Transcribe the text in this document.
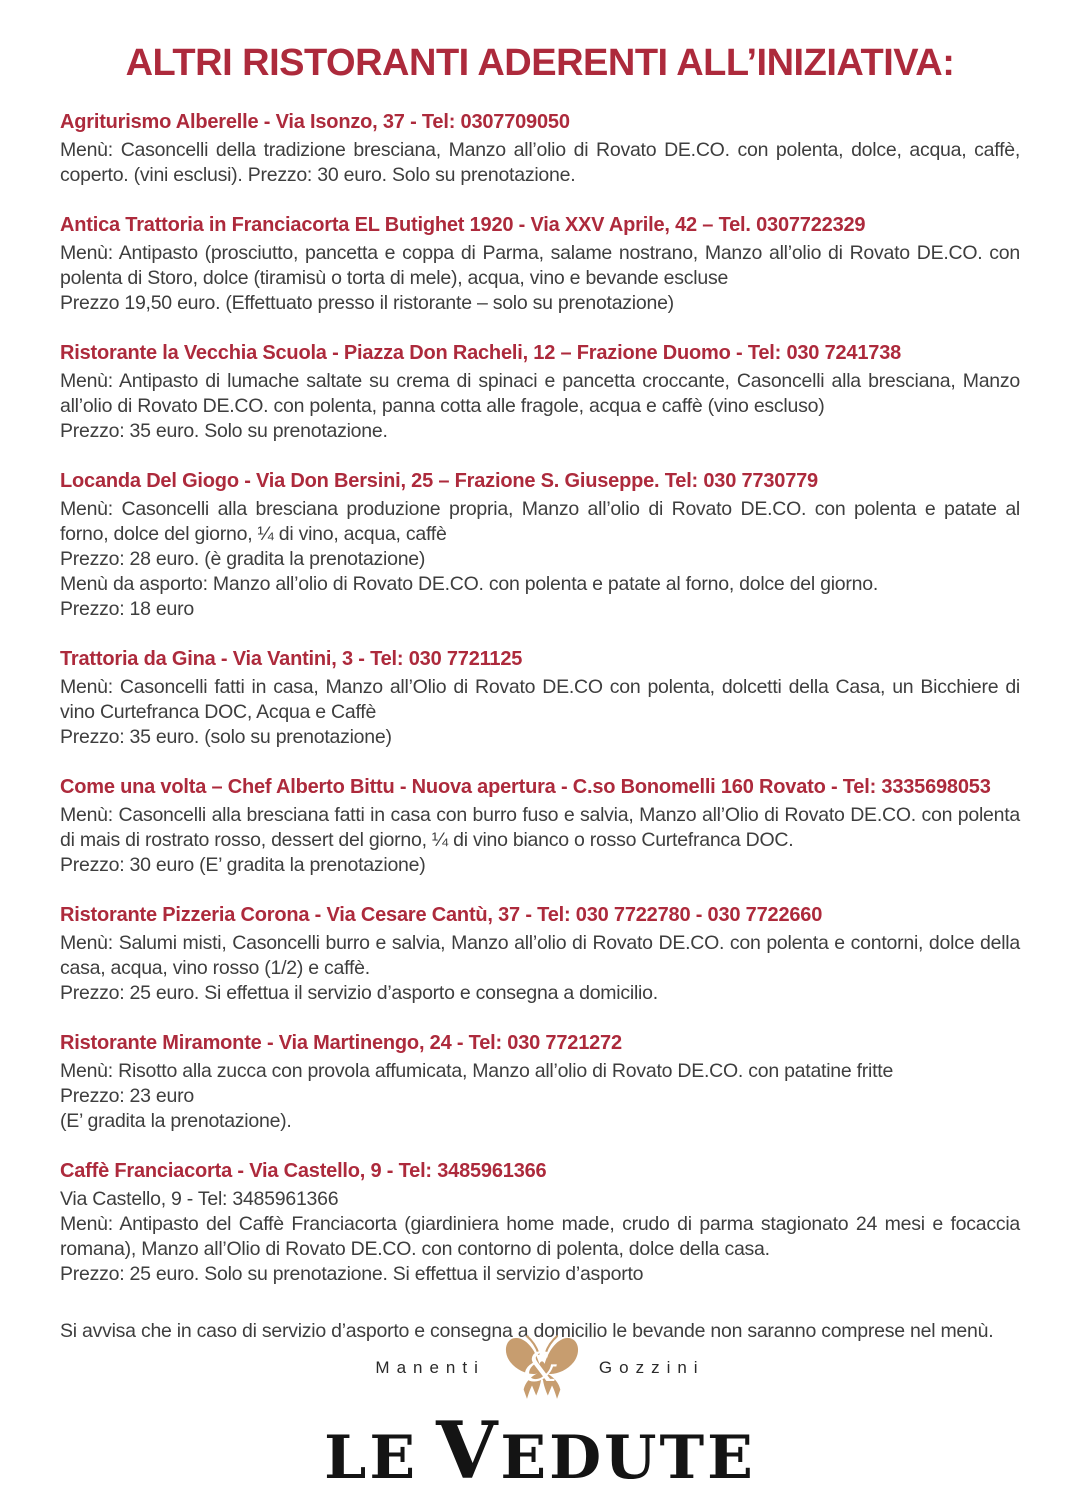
ALTRI RISTORANTI ADERENTI ALL’INIZIATIVA:
Agriturismo Alberelle - Via Isonzo, 37 - Tel: 0307709050

Menù: Casoncelli della tradizione bresciana, Manzo all’olio di Rovato DE.CO. con polenta, dolce, acqua, caffè, coperto. (vini esclusi). Prezzo: 30 euro. Solo su prenotazione.

Antica Trattoria in Franciacorta EL Butighet 1920 - Via XXV Aprile, 42 – Tel. 0307722329

Menù: Antipasto (prosciutto, pancetta e coppa di Parma, salame nostrano, Manzo all’olio di Rovato DE.CO. con polenta di Storo, dolce (tiramisù o torta di mele), acqua, vino e bevande escluse

Prezzo 19,50 euro. (Effettuato presso il ristorante – solo su prenotazione)

Ristorante la Vecchia Scuola - Piazza Don Racheli, 12 – Frazione Duomo - Tel: 030 7241738

Menù: Antipasto di lumache saltate su crema di spinaci e pancetta croccante, Casoncelli alla bresciana, Manzo all’olio di Rovato DE.CO. con polenta, panna cotta alle fragole, acqua e caffè (vino escluso)

Prezzo: 35 euro. Solo su prenotazione.

Locanda Del Giogo - Via Don Bersini, 25 – Frazione S. Giuseppe. Tel: 030 7730779

Menù: Casoncelli alla bresciana produzione propria, Manzo all’olio di Rovato DE.CO. con polenta e patate al forno, dolce del giorno, ¼ di vino, acqua, caffè

Prezzo: 28 euro. (è gradita la prenotazione)

Menù da asporto: Manzo all’olio di Rovato DE.CO. con polenta e patate al forno, dolce del giorno.

Prezzo: 18 euro

Trattoria da Gina - Via Vantini, 3 - Tel: 030 7721125

Menù: Casoncelli fatti in casa, Manzo all’Olio di Rovato DE.CO con polenta, dolcetti della Casa, un Bicchiere di vino Curtefranca DOC, Acqua e Caffè

Prezzo: 35 euro. (solo su prenotazione)

Come una volta – Chef Alberto Bittu - Nuova apertura - C.so Bonomelli 160 Rovato - Tel: 3335698053

Menù: Casoncelli alla bresciana fatti in casa con burro fuso e salvia, Manzo all’Olio di Rovato DE.CO. con polenta di mais di rostrato rosso, dessert del giorno, ¼ di vino bianco o rosso Curtefranca DOC.

Prezzo: 30 euro (E’ gradita la prenotazione)

Ristorante Pizzeria Corona - Via Cesare Cantù, 37 - Tel: 030 7722780 - 030 7722660

Menù: Salumi misti, Casoncelli burro e salvia, Manzo all’olio di Rovato DE.CO. con polenta e contorni, dolce della casa, acqua, vino rosso (1/2) e caffè.

Prezzo: 25 euro. Si effettua il servizio d’asporto e consegna a domicilio.

Ristorante Miramonte - Via Martinengo, 24 - Tel: 030 7721272

Menù: Risotto alla zucca con provola affumicata, Manzo all’olio di Rovato DE.CO. con patatine fritte

Prezzo: 23 euro

(E’ gradita la prenotazione).

Caffè Franciacorta - Via Castello, 9 - Tel: 3485961366

Via Castello, 9 - Tel: 3485961366

Menù: Antipasto del Caffè Franciacorta (giardiniera home made, crudo di parma stagionato 24 mesi e focaccia romana), Manzo all’Olio di Rovato DE.CO. con contorno di polenta, dolce della casa.

Prezzo: 25 euro. Solo su prenotazione. Si effettua il servizio d’asporto

Si avvisa che in caso di servizio d’asporto e consegna a domicilio le bevande non saranno comprese nel menù.

Manenti & Gozzini
LE VEDUTE
